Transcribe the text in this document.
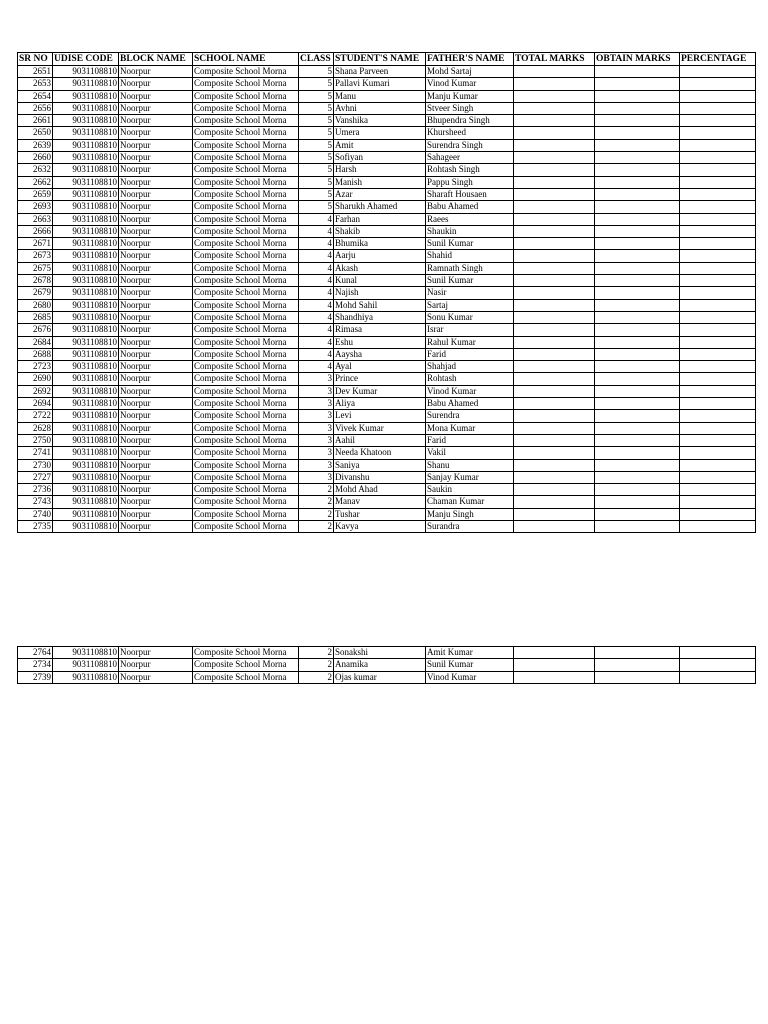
SR NO	UDISE CODE	BLOCK NAME	SCHOOL NAME	CLASS	STUDENT'S NAME	FATHER'S NAME	TOTAL MARKS	OBTAIN MARKS	PERCENTAGE
2651	9031108810	Noorpur	Composite School Morna	5	Shana Parveen	Mohd Sartaj			
2653	9031108810	Noorpur	Composite School Morna	5	Pallavi Kumari	Vinod Kumar			
2654	9031108810	Noorpur	Composite School Morna	5	Manu	Manju Kumar			
2656	9031108810	Noorpur	Composite School Morna	5	Avhni	Stveer Singh			
2661	9031108810	Noorpur	Composite School Morna	5	Vanshika	Bhupendra Singh			
2650	9031108810	Noorpur	Composite School Morna	5	Umera	Khursheed			
2639	9031108810	Noorpur	Composite School Morna	5	Amit	Surendra Singh			
2660	9031108810	Noorpur	Composite School Morna	5	Sofiyan	Sahageer			
2632	9031108810	Noorpur	Composite School Morna	5	Harsh	Rohtash Singh			
2662	9031108810	Noorpur	Composite School Morna	5	Manish	Pappu Singh			
2659	9031108810	Noorpur	Composite School Morna	5	Azar	Sharaft Housaen			
2693	9031108810	Noorpur	Composite School Morna	5	Sharukh Ahamed	Babu Ahamed			
2663	9031108810	Noorpur	Composite School Morna	4	Farhan	Raees			
2666	9031108810	Noorpur	Composite School Morna	4	Shakib	Shaukin			
2671	9031108810	Noorpur	Composite School Morna	4	Bhumika	Sunil Kumar			
2673	9031108810	Noorpur	Composite School Morna	4	Aarju	Shahid			
2675	9031108810	Noorpur	Composite School Morna	4	Akash	Ramnath Singh			
2678	9031108810	Noorpur	Composite School Morna	4	Kunal	Sunil Kumar			
2679	9031108810	Noorpur	Composite School Morna	4	Najish	Nasir			
2680	9031108810	Noorpur	Composite School Morna	4	Mohd Sahil	Sartaj			
2685	9031108810	Noorpur	Composite School Morna	4	Shandhiya	Sonu Kumar			
2676	9031108810	Noorpur	Composite School Morna	4	Rimasa	Israr			
2684	9031108810	Noorpur	Composite School Morna	4	Eshu	Rahul Kumar			
2688	9031108810	Noorpur	Composite School Morna	4	Aaysha	Farid			
2723	9031108810	Noorpur	Composite School Morna	4	Ayal	Shahjad			
2690	9031108810	Noorpur	Composite School Morna	3	Prince	Rohtash			
2692	9031108810	Noorpur	Composite School Morna	3	Dev Kumar	Vinod Kumar			
2694	9031108810	Noorpur	Composite School Morna	3	Aliya	Babu Ahamed			
2722	9031108810	Noorpur	Composite School Morna	3	Levi	Surendra			
2628	9031108810	Noorpur	Composite School Morna	3	Vivek Kumar	Mona Kumar			
2750	9031108810	Noorpur	Composite School Morna	3	Aahil	Farid			
2741	9031108810	Noorpur	Composite School Morna	3	Needa Khatoon	Vakil			
2730	9031108810	Noorpur	Composite School Morna	3	Saniya	Shanu			
2727	9031108810	Noorpur	Composite School Morna	3	Divanshu	Sanjay Kumar			
2736	9031108810	Noorpur	Composite School Morna	2	Mohd Ahad	Saukin			
2743	9031108810	Noorpur	Composite School Morna	2	Manav	Chaman Kumar			
2740	9031108810	Noorpur	Composite School Morna	2	Tushar	Manju Singh			
2735	9031108810	Noorpur	Composite School Morna	2	Kavya	Surandra			
2764	9031108810	Noorpur	Composite School Morna	2	Sonakshi	Amit Kumar			
2734	9031108810	Noorpur	Composite School Morna	2	Anamika	Sunil Kumar			
2739	9031108810	Noorpur	Composite School Morna	2	Ojas kumar	Vinod Kumar			
